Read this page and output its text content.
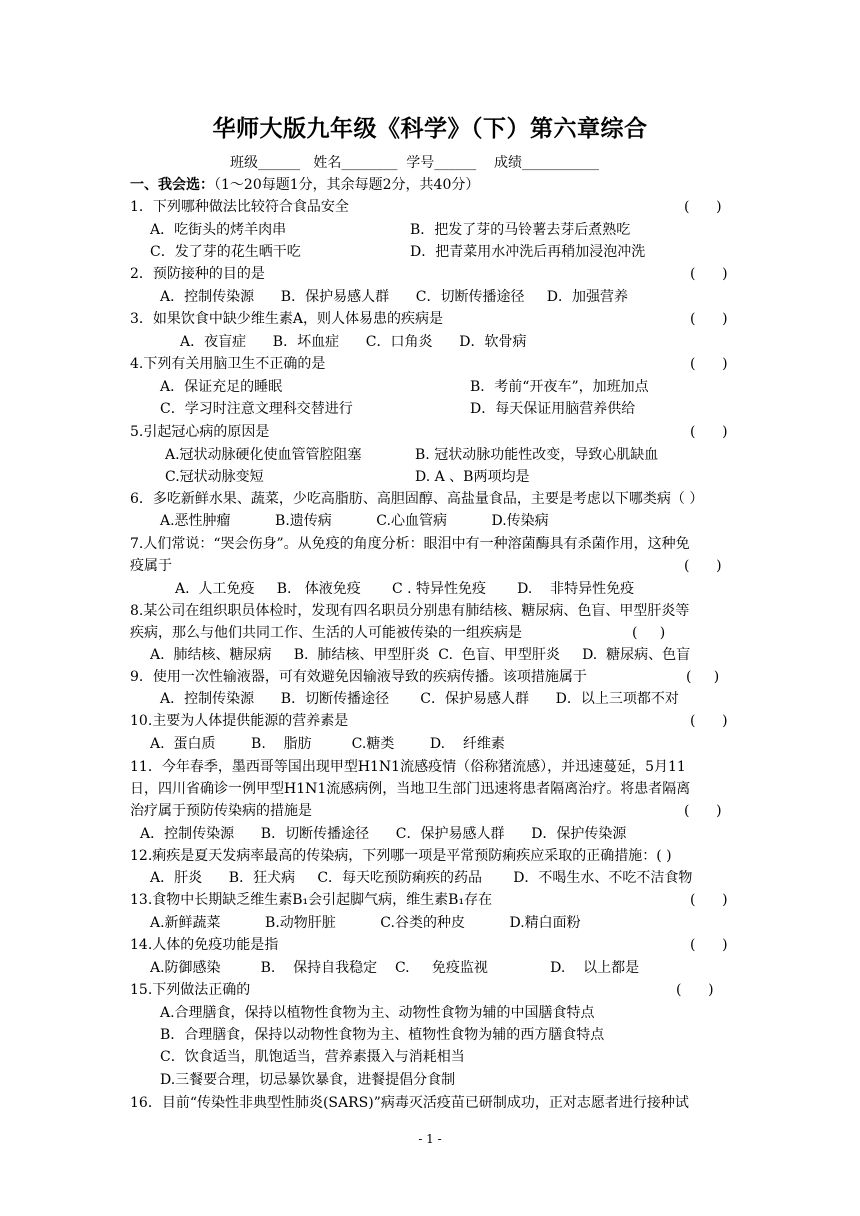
华师大版九年级《科学》（下）第六章综合
班级______   姓名________  学号______    成绩___________
一、我会选：（1～20每题1分，其余每题2分，共40分）
1．下列哪种做法比较符合食品安全	(      )
A．吃街头的烤羊肉串	B．把发了芽的马铃薯去芽后煮熟吃
C．发了芽的花生晒干吃	D．把青菜用水冲洗后再稍加浸泡冲洗
2．预防接种的目的是	(      )
A．控制传染源      B．保护易感人群      C．切断传播途径     D．加强营养
3．如果饮食中缺少维生素A，则人体易患的疾病是	(      )
A．夜盲症      B．坏血症      C．口角炎      D．软骨病
4.下列有关用脑卫生不正确的是	(      )
A．保证充足的睡眠	B．考前“开夜车”，加班加点
C．学习时注意文理科交替进行	D．每天保证用脑营养供给
5.引起冠心病的原因是	(      )
A.冠状动脉硬化使血管管腔阻塞	B. 冠状动脉功能性改变，导致心肌缺血
C.冠状动脉变短	D. A 、B两项均是
6．多吃新鲜水果、蔬菜，少吃高脂肪、高胆固醇、高盐量食品，主要是考虑以下哪类病（ ）
A.恶性肿瘤          B.遗传病          C.心血管病          D.传染病
7.人们常说：“哭会伤身”。从免疫的角度分析：眼泪中有一种溶菌酶具有杀菌作用，这种免
疫属于	(      )
A.  人工免疫     B.   体液免疫       C . 特异性免疫       D.    非特异性免疫
8.某公司在组织职员体检时，发现有四名职员分别患有肺结核、糖尿病、色盲、甲型肝炎等
疾病，那么与他们共同工作、生活的人可能被传染的一组疾病是	(     )
A.  肺结核、糖尿病     B.  肺结核、甲型肝炎  C.  色盲、甲型肝炎     D.  糖尿病、色盲
9．使用一次性输液器，可有效避免因输液导致的疾病传播。该项措施属于	(     )
A．控制传染源      B．切断传播途径       C．保护易感人群      D．以上三项都不对
10.主要为人体提供能源的营养素是	(      )
A.  蛋白质        B.    脂肪         C.糖类        D.    纤维素
11．今年春季，墨西哥等国出现甲型H1N1流感疫情（俗称猪流感），并迅速蔓延，5月11
日，四川省确诊一例甲型H1N1流感病例，当地卫生部门迅速将患者隔离治疗。将患者隔离
治疗属于预防传染病的措施是	(      )
A．控制传染源      B．切断传播途径      C．保护易感人群      D．保护传染源
12.痢疾是夏天发病率最高的传染病，下列哪一项是平常预防痢疾应采取的正确措施：( )
A．肝炎      B．狂犬病     C．每天吃预防痢疾的药品       D．不喝生水、不吃不洁食物
13.食物中长期缺乏维生素B₁会引起脚气病，维生素B₁存在	(      )
A.新鲜蔬菜          B.动物肝脏          C.谷类的种皮          D.精白面粉
14.人体的免疫功能是指	(      )
A.防御感染         B.    保持自我稳定    C.     免疫监视              D.    以上都是
15.下列做法正确的	(      )
A.合理膳食，保持以植物性食物为主、动物性食物为辅的中国膳食特点
B．合理膳食，保持以动物性食物为主、植物性食物为辅的西方膳食特点
C．饮食适当，肌饱适当，营养素摄入与消耗相当
D.三餐要合理，切忌暴饮暴食，进餐提倡分食制
16．目前“传染性非典型性肺炎(SARS)”病毒灭活疫苗已研制成功，正对志愿者进行接种试
- 1 -
